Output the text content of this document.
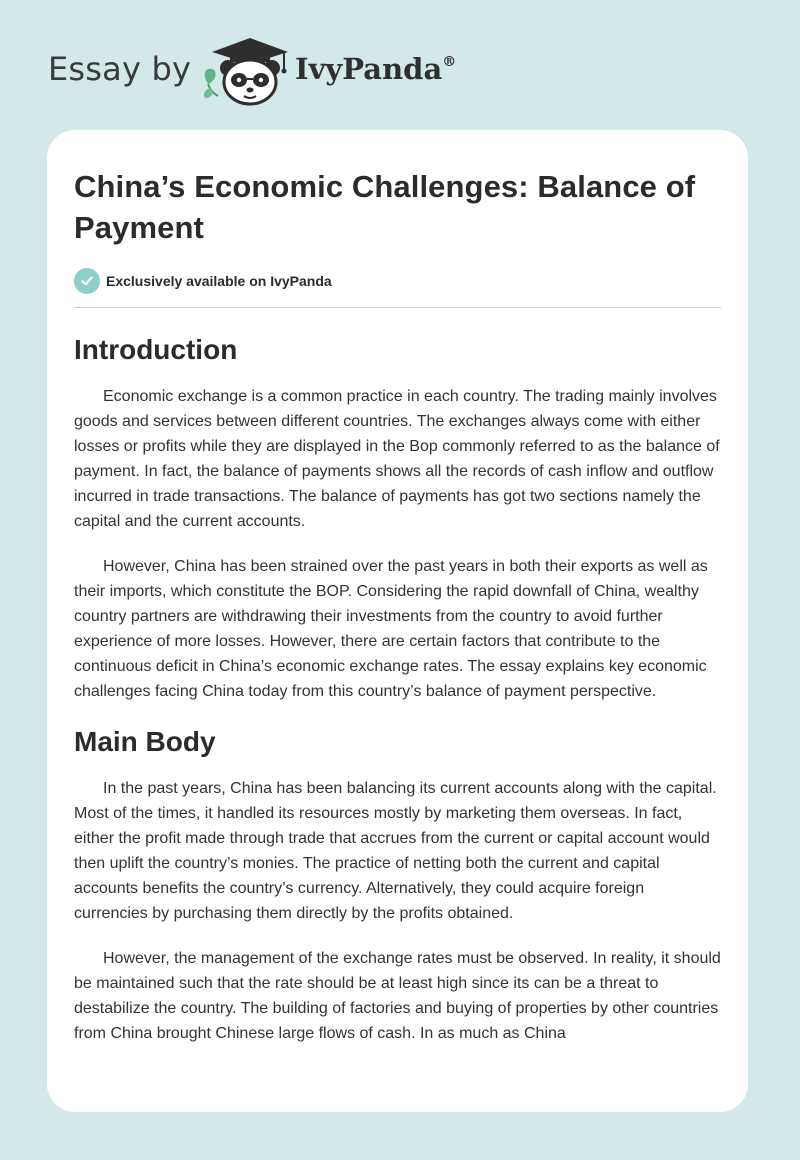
Essay by	IvyPanda®
China’s Economic Challenges: Balance of Payment
Exclusively available on IvyPanda
Introduction

Economic exchange is a common practice in each country. The trading mainly involves goods and services between different countries. The exchanges always come with either losses or profits while they are displayed in the Bop commonly referred to as the balance of payment. In fact, the balance of payments shows all the records of cash inflow and outflow incurred in trade transactions. The balance of payments has got two sections namely the capital and the current accounts.

However, China has been strained over the past years in both their exports as well as their imports, which constitute the BOP. Considering the rapid downfall of China, wealthy country partners are withdrawing their investments from the country to avoid further experience of more losses. However, there are certain factors that contribute to the continuous deficit in China’s economic exchange rates. The essay explains key economic challenges facing China today from this country’s balance of payment perspective.

Main Body

In the past years, China has been balancing its current accounts along with the capital. Most of the times, it handled its resources mostly by marketing them overseas. In fact, either the profit made through trade that accrues from the current or capital account would then uplift the country’s monies. The practice of netting both the current and capital accounts benefits the country’s currency. Alternatively, they could acquire foreign currencies by purchasing them directly by the profits obtained.

However, the management of the exchange rates must be observed. In reality, it should be maintained such that the rate should be at least high since its can be a threat to destabilize the country. The building of factories and buying of properties by other countries from China brought Chinese large flows of cash. In as much as China
